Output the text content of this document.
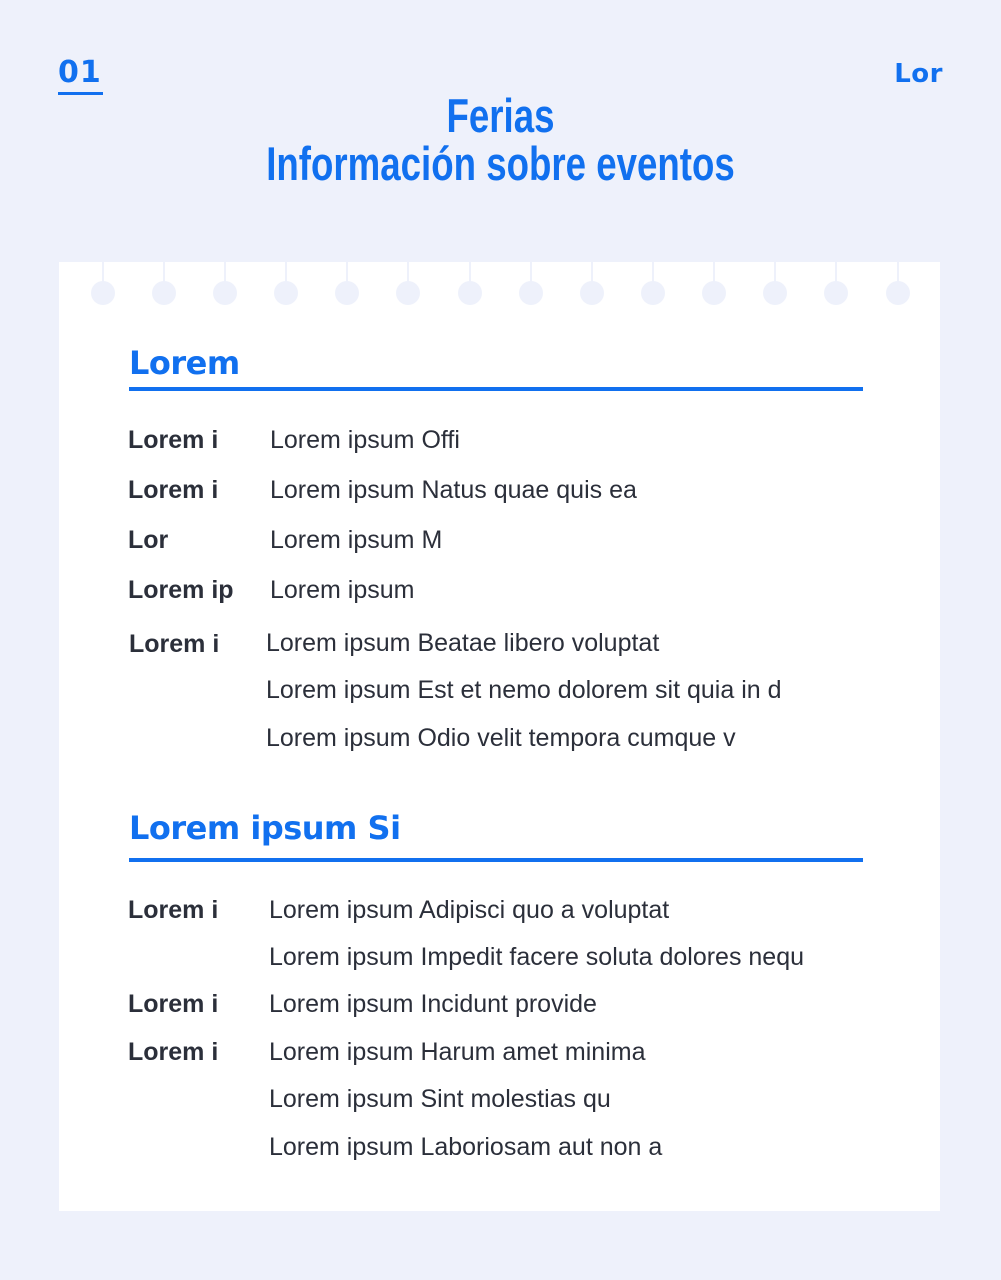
01	Lor
Ferias
Información sobre eventos
Lorem
Lorem i Lorem ipsum Offi
Lorem i Lorem ipsum Natus quae quis ea
Lor	Lorem ipsum M
Lorem ip Lorem ipsum
Lorem i Lorem ipsum Beatae libero voluptat
Lorem ipsum Est et nemo dolorem sit quia in d
Lorem ipsum Odio velit tempora cumque v
Lorem ipsum Si
Lorem i Lorem ipsum Adipisci quo a voluptat
Lorem ipsum Impedit facere soluta dolores nequ
Lorem i Lorem ipsum Incidunt provide
Lorem i Lorem ipsum Harum amet minima
Lorem ipsum Sint molestias qu
Lorem ipsum Laboriosam aut non a
